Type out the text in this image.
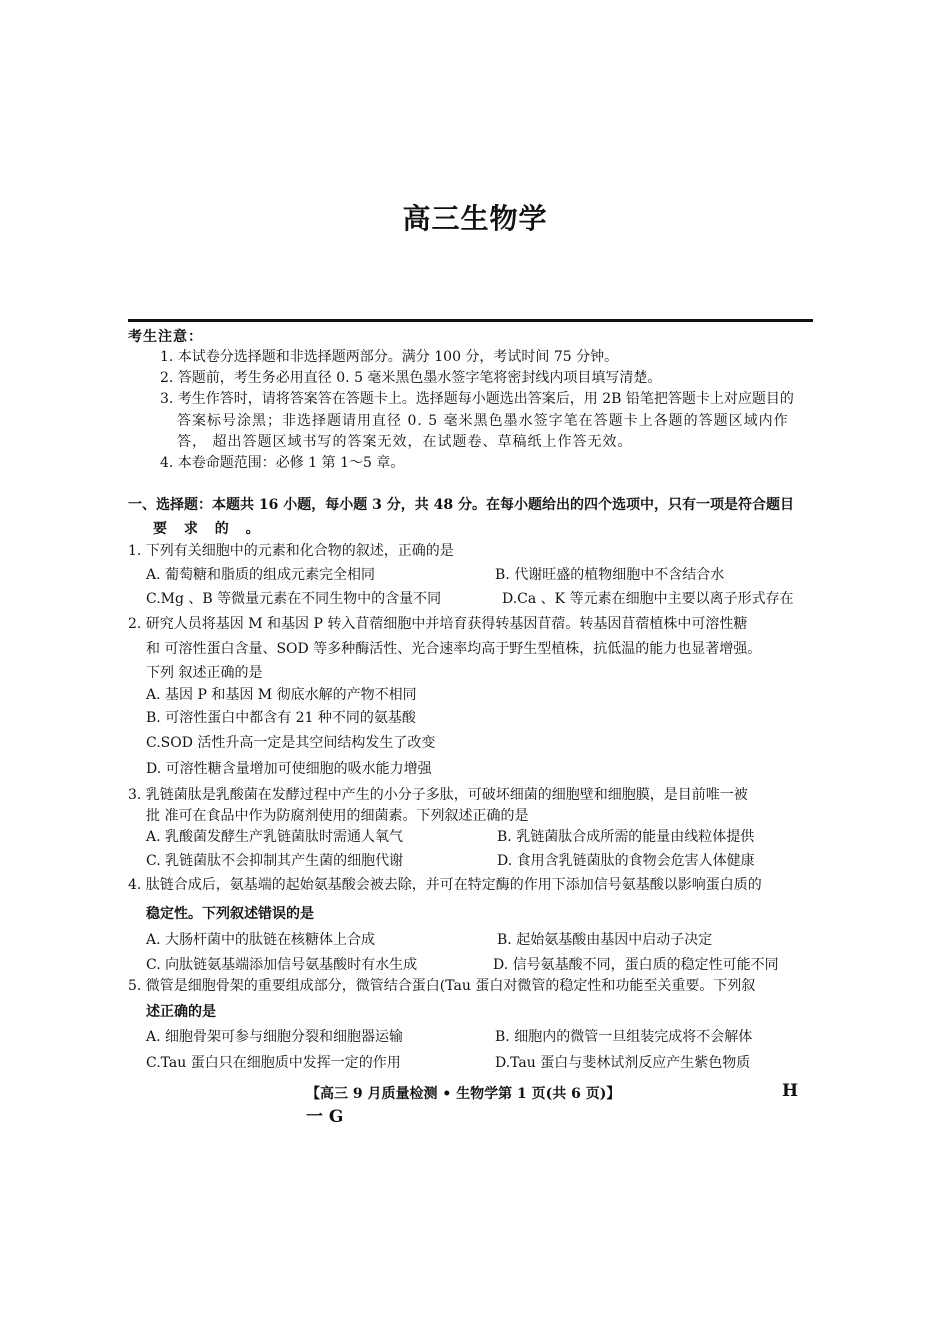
高三生物学
考生注意：
1. 本试卷分选择题和非选择题两部分。满分 100 分，考试时间 75 分钟。
2. 答题前，考生务必用直径 0. 5 毫米黑色墨水签字笔将密封线内项目填写清楚。
3. 考生作答时，请将答案答在答题卡上。选择题每小题选出答案后，用 2B 铅笔把答题卡上对应题目的
答案标号涂黑；非选择题请用直径 0. 5 毫米黑色墨水签字笔在答题卡上各题的答题区域内作
答， 超出答题区域书写的答案无效，在试题卷、草稿纸上作答无效。
4. 本卷命题范围：必修 1 第 1～5 章。
一、选择题：本题共 16 小题，每小题 3 分，共 48 分。在每小题给出的四个选项中，只有一项是符合题目
要 求 的 。
1. 下列有关细胞中的元素和化合物的叙述，正确的是
A. 葡萄糖和脂质的组成元素完全相同	B. 代谢旺盛的植物细胞中不含结合水
C.Mg 、B 等微量元素在不同生物中的含量不同	D.Ca 、K 等元素在细胞中主要以离子形式存在
2. 研究人员将基因 M 和基因 P 转入苜蓿细胞中并培育获得转基因苜蓿。转基因苜蓿植株中可溶性糖
和 可溶性蛋白含量、SOD 等多种酶活性、光合速率均高于野生型植株，抗低温的能力也显著增强。
下列 叙述正确的是
A. 基因 P 和基因 M 彻底水解的产物不相同
B. 可溶性蛋白中都含有 21 种不同的氨基酸
C.SOD 活性升高一定是其空间结构发生了改变
D. 可溶性糖含量增加可使细胞的吸水能力增强
3. 乳链菌肽是乳酸菌在发酵过程中产生的小分子多肽，可破坏细菌的细胞壁和细胞膜，是目前唯一被
批 准可在食品中作为防腐剂使用的细菌素。下列叙述正确的是
A. 乳酸菌发酵生产乳链菌肽时需通人氧气	B. 乳链菌肽合成所需的能量由线粒体提供
C. 乳链菌肽不会抑制其产生菌的细胞代谢	D. 食用含乳链菌肽的食物会危害人体健康
4. 肽链合成后，氨基端的起始氨基酸会被去除，并可在特定酶的作用下添加信号氨基酸以影响蛋白质的
稳定性。下列叙述错误的是
A. 大肠杆菌中的肽链在核糖体上合成	B. 起始氨基酸由基因中启动子决定
C. 向肽链氨基端添加信号氨基酸时有水生成	D. 信号氨基酸不同，蛋白质的稳定性可能不同
5. 微管是细胞骨架的重要组成部分，微管结合蛋白(Tau 蛋白对微管的稳定性和功能至关重要。下列叙
述正确的是
A. 细胞骨架可参与细胞分裂和细胞器运输	B. 细胞内的微管一旦组装完成将不会解体
C.Tau 蛋白只在细胞质中发挥一定的作用	D.Tau 蛋白与斐林试剂反应产生紫色物质
【高三 9 月质量检测 • 生物学第 1 页(共 6 页)】	H
一 G
